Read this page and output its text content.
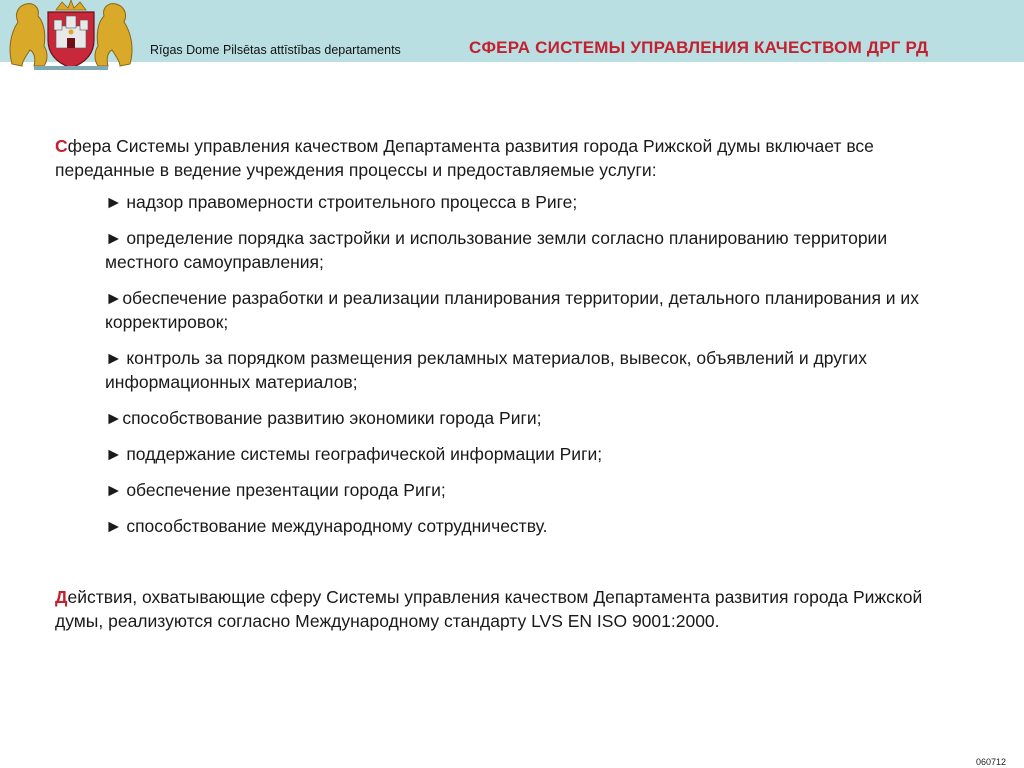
Rīgas Dome Pilsētas attīstības departaments	СФЕРА СИСТЕМЫ УПРАВЛЕНИЯ КАЧЕСТВОМ ДРГ РД

Сфера Системы управления качеством Департамента развития города Рижской думы включает все переданные в ведение учреждения процессы и предоставляемые услуги:

► надзор правомерности строительного процесса в Риге;
► определение порядка застройки и использование земли согласно планированию территории местного самоуправления;
►обеспечение разработки и реализации планирования территории, детального планирования и их корректировок;
► контроль за порядком размещения рекламных материалов, вывесок, объявлений и других информационных материалов;
►способствование развитию экономики города Риги;
► поддержание системы географической информации Риги;
► обеспечение презентации города Риги;
► способствование международному сотрудничеству.

Действия, охватывающие сферу Системы управления качеством Департамента развития города Рижской думы, реализуются согласно Международному стандарту LVS EN ISO 9001:2000.

060712
